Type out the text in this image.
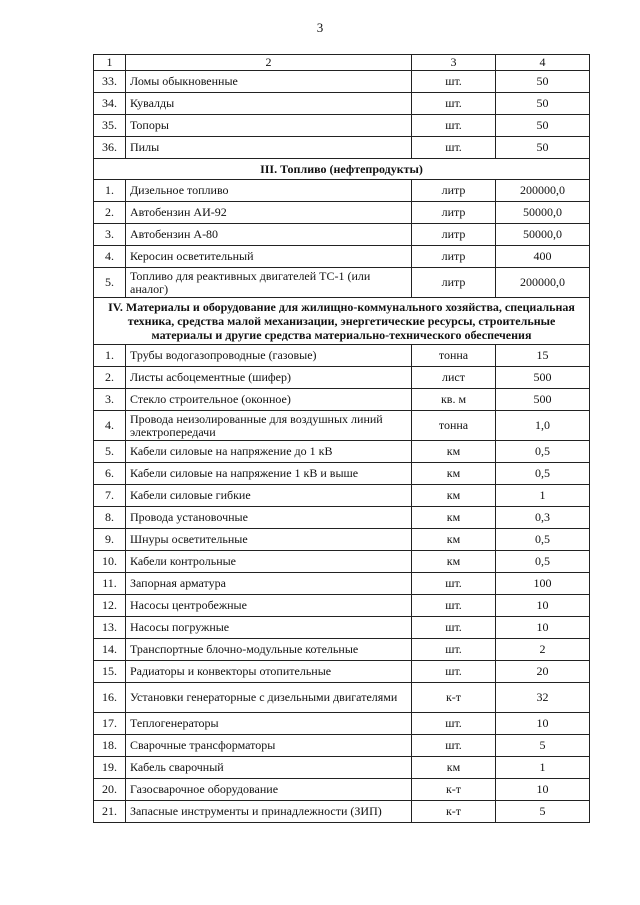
3
1	2	3	4
33.	Ломы обыкновенные	шт.	50
34.	Кувалды	шт.	50
35.	Топоры	шт.	50
36.	Пилы	шт.	50
III. Топливо (нефтепродукты)			
1.	Дизельное топливо	литр	200000,0
2.	Автобензин АИ-92	литр	50000,0
3.	Автобензин А-80	литр	50000,0
4.	Керосин осветительный	литр	400
5.	Топливо для реактивных двигателей ТС-1 (или аналог)	литр	200000,0
IV. Материалы и оборудование для жилищно-коммунального хозяйства, специальная техника, средства малой механизации, энергетические ресурсы, строительные материалы и другие средства материально-технического обеспечения			
1.	Трубы водогазопроводные (газовые)	тонна	15
2.	Листы асбоцементные (шифер)	лист	500
3.	Стекло строительное (оконное)	кв. м	500
4.	Провода неизолированные для воздушных линий электропередачи	тонна	1,0
5.	Кабели силовые на напряжение до 1 кВ	км	0,5
6.	Кабели силовые на напряжение 1 кВ и выше	км	0,5
7.	Кабели силовые гибкие	км	1
8.	Провода установочные	км	0,3
9.	Шнуры осветительные	км	0,5
10.	Кабели контрольные	км	0,5
11.	Запорная арматура	шт.	100
12.	Насосы центробежные	шт.	10
13.	Насосы погружные	шт.	10
14.	Транспортные блочно-модульные котельные	шт.	2
15.	Радиаторы и конвекторы отопительные	шт.	20
16.	Установки генераторные с дизельными двигателями	к-т	32
17.	Теплогенераторы	шт.	10
18.	Сварочные трансформаторы	шт.	5
19.	Кабель сварочный	км	1
20.	Газосварочное оборудование	к-т	10
21.	Запасные инструменты и принадлежности (ЗИП)	к-т	5
